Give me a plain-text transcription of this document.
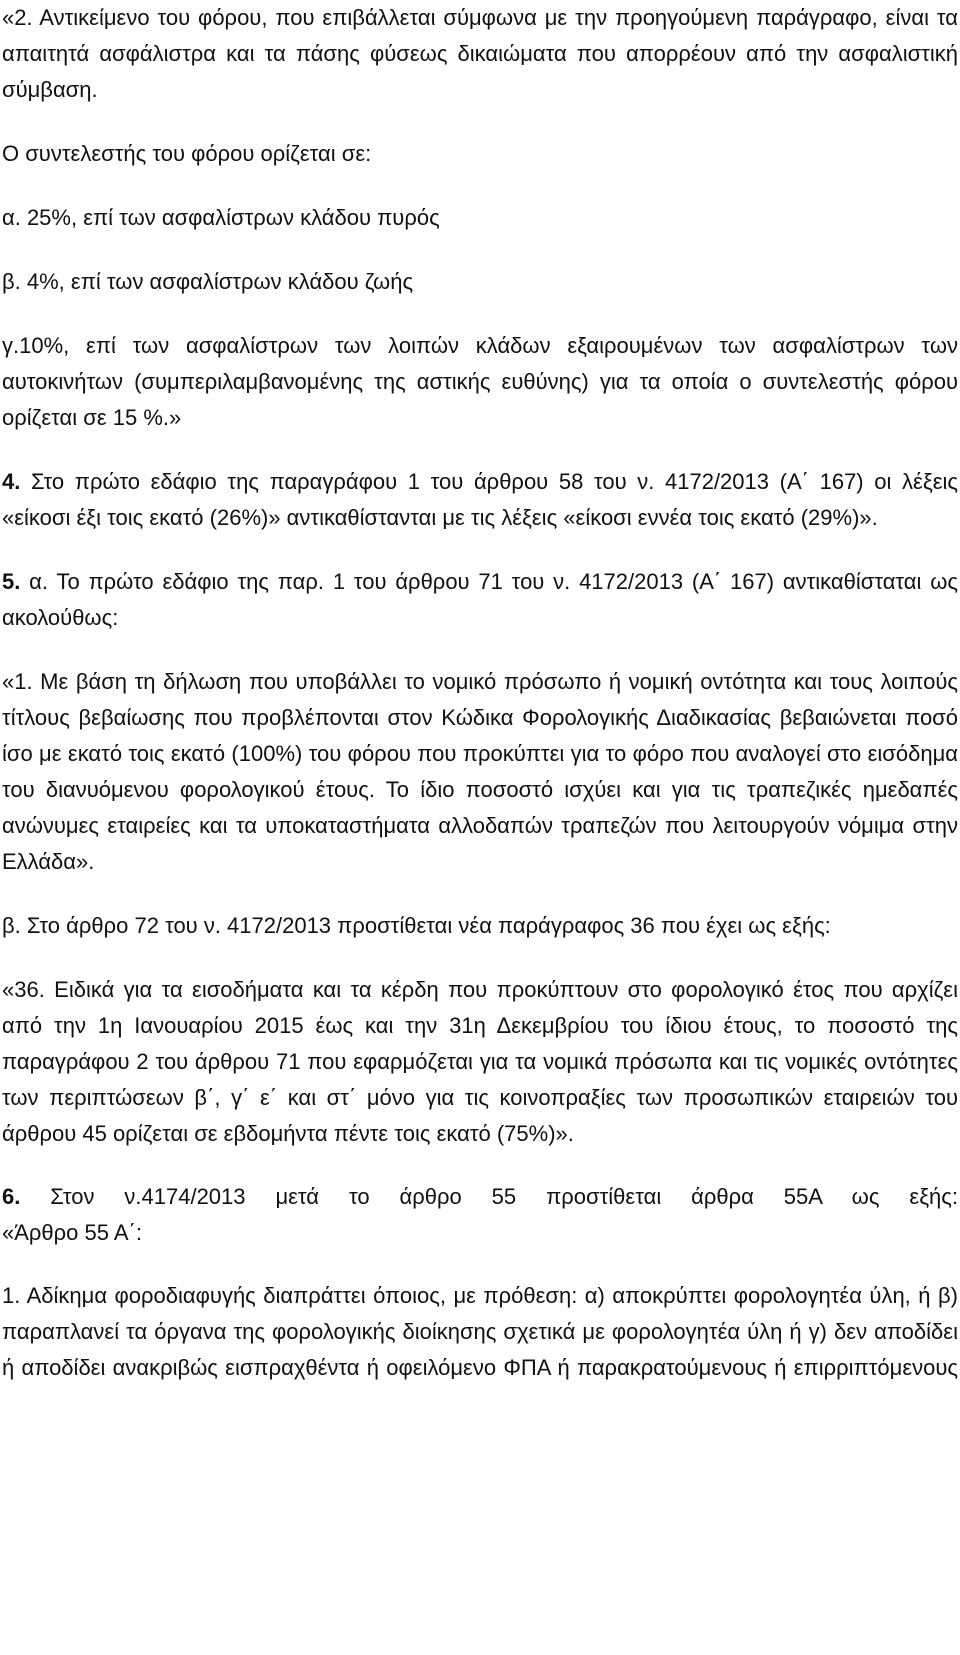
«2. Αντικείμενο του φόρου, που επιβάλλεται σύμφωνα με την προηγούμενη παράγραφο, είναι τα απαιτητά ασφάλιστρα και τα πάσης φύσεως δικαιώματα που απορρέουν από την ασφαλιστική σύμβαση.

Ο συντελεστής του φόρου ορίζεται σε:

α. 25%, επί των ασφαλίστρων κλάδου πυρός

β. 4%, επί των ασφαλίστρων κλάδου ζωής

γ.10%, επί των ασφαλίστρων των λοιπών κλάδων εξαιρουμένων των ασφαλίστρων των αυτοκινήτων (συμπεριλαμβανομένης της αστικής ευθύνης) για τα οποία ο συντελεστής φόρου ορίζεται σε 15 %.»

4. Στο πρώτο εδάφιο της παραγράφου 1 του άρθρου 58 του ν. 4172/2013 (Α΄ 167) οι λέξεις «είκοσι έξι τοις εκατό (26%)» αντικαθίστανται με τις λέξεις «είκοσι εννέα τοις εκατό (29%)».

5. α. Το πρώτο εδάφιο της παρ. 1 του άρθρου 71 του ν. 4172/2013 (Α΄ 167) αντικαθίσταται ως ακολούθως:

«1. Με βάση τη δήλωση που υποβάλλει το νομικό πρόσωπο ή νομική οντότητα και τους λοιπούς τίτλους βεβαίωσης που προβλέπονται στον Κώδικα Φορολογικής Διαδικασίας βεβαιώνεται ποσό ίσο με εκατό τοις εκατό (100%) του φόρου που προκύπτει για το φόρο που αναλογεί στο εισόδημα του διανυόμενου φορολογικού έτους. Το ίδιο ποσοστό ισχύει και για τις τραπεζικές ημεδαπές ανώνυμες εταιρείες και τα υποκαταστήματα αλλοδαπών τραπεζών που λειτουργούν νόμιμα στην Ελλάδα».

β. Στο άρθρο 72 του ν. 4172/2013 προστίθεται νέα παράγραφος 36 που έχει ως εξής:

«36. Ειδικά για τα εισοδήματα και τα κέρδη που προκύπτουν στο φορολογικό έτος που αρχίζει από την 1η Ιανουαρίου 2015 έως και την 31η Δεκεμβρίου του ίδιου έτους, το ποσοστό της παραγράφου 2 του άρθρου 71 που εφαρμόζεται για τα νομικά πρόσωπα και τις νομικές οντότητες των περιπτώσεων β΄, γ΄ ε΄ και στ΄ μόνο για τις κοινοπραξίες των προσωπικών εταιρειών του άρθρου 45 ορίζεται σε εβδομήντα πέντε τοις εκατό (75%)».

6. Στον ν.4174/2013 μετά το άρθρο 55 προστίθεται άρθρα 55Α ως εξής:

«Άρθρο 55 Α΄:

1. Αδίκημα φοροδιαφυγής διαπράττει όποιος, με πρόθεση: α) αποκρύπτει φορολογητέα ύλη, ή β) παραπλανεί τα όργανα της φορολογικής διοίκησης σχετικά με φορολογητέα ύλη ή γ) δεν αποδίδει ή αποδίδει ανακριβώς εισπραχθέντα ή οφειλόμενο ΦΠΑ ή παρακρατούμενους ή επιρριπτόμενους
